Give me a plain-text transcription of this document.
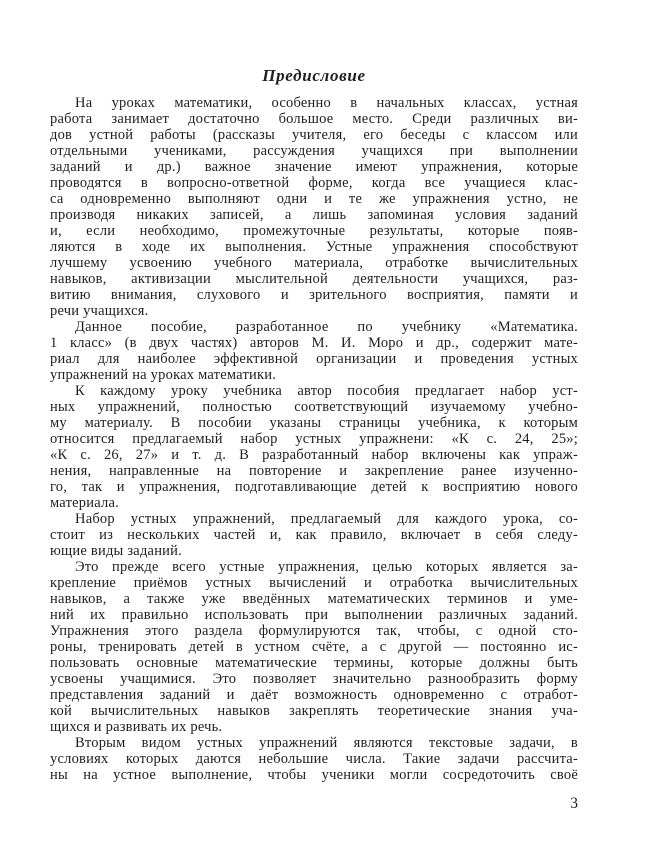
Предисловие
На уроках математики, особенно в начальных классах, устная
работа занимает достаточно большое место. Среди различных ви-
дов устной работы (рассказы учителя, его беседы с классом или
отдельными учениками, рассуждения учащихся при выполнении
заданий и др.) важное значение имеют упражнения, которые
проводятся в вопросно-ответной форме, когда все учащиеся клас-
са одновременно выполняют одни и те же упражнения устно, не
производя никаких записей, а лишь запоминая условия заданий
и, если необходимо, промежуточные результаты, которые появ-
ляются в ходе их выполнения. Устные упражнения способствуют
лучшему усвоению учебного материала, отработке вычислительных
навыков, активизации мыслительной деятельности учащихся, раз-
витию внимания, слухового и зрительного восприятия, памяти и
речи учащихся.
Данное пособие, разработанное по учебнику «Математика.
1 класс» (в двух частях) авторов М. И. Моро и др., содержит мате-
риал для наиболее эффективной организации и проведения устных
упражнений на уроках математики.
К каждому уроку учебника автор пособия предлагает набор уст-
ных упражнений, полностью соответствующий изучаемому учебно-
му материалу. В пособии указаны страницы учебника, к которым
относится предлагаемый набор устных упражнени: «К с. 24, 25»;
«К с. 26, 27» и т. д. В разработанный набор включены как упраж-
нения, направленные на повторение и закрепление ранее изученно-
го, так и упражнения, подготавливающие детей к восприятию нового
материала.
Набор устных упражнений, предлагаемый для каждого урока, со-
стоит из нескольких частей и, как правило, включает в себя следу-
ющие виды заданий.
Это прежде всего устные упражнения, целью которых является за-
крепление приёмов устных вычислений и отработка вычислительных
навыков, а также уже введённых математических терминов и уме-
ний их правильно использовать при выполнении различных заданий.
Упражнения этого раздела формулируются так, чтобы, с одной сто-
роны, тренировать детей в устном счёте, а с другой — постоянно ис-
пользовать основные математические термины, которые должны быть
усвоены учащимися. Это позволяет значительно разнообразить форму
представления заданий и даёт возможность одновременно с отработ-
кой вычислительных навыков закреплять теоретические знания уча-
щихся и развивать их речь.
Вторым видом устных упражнений являются текстовые задачи, в
условиях которых даются небольшие числа. Такие задачи рассчита-
ны на устное выполнение, чтобы ученики могли сосредоточить своё
3
